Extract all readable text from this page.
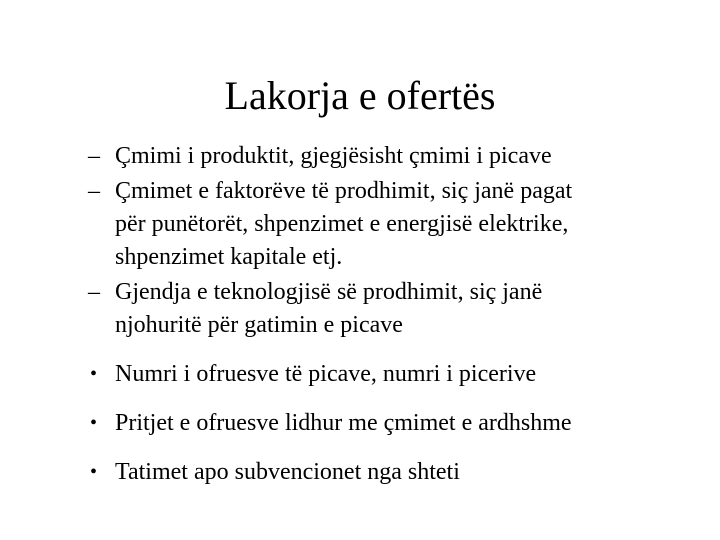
Lakorja e ofertës
– Çmimi i produktit, gjegjësisht çmimi i picave
– Çmimet e faktorëve të prodhimit, siç janë pagat
për punëtorët, shpenzimet e energjisë elektrike,
shpenzimet kapitale etj.
– Gjendja e teknologjisë së prodhimit, siç janë
njohuritë për gatimin e picave
• Numri i ofruesve të picave, numri i picerive
• Pritjet e ofruesve lidhur me çmimet e ardhshme
• Tatimet apo subvencionet nga shteti
